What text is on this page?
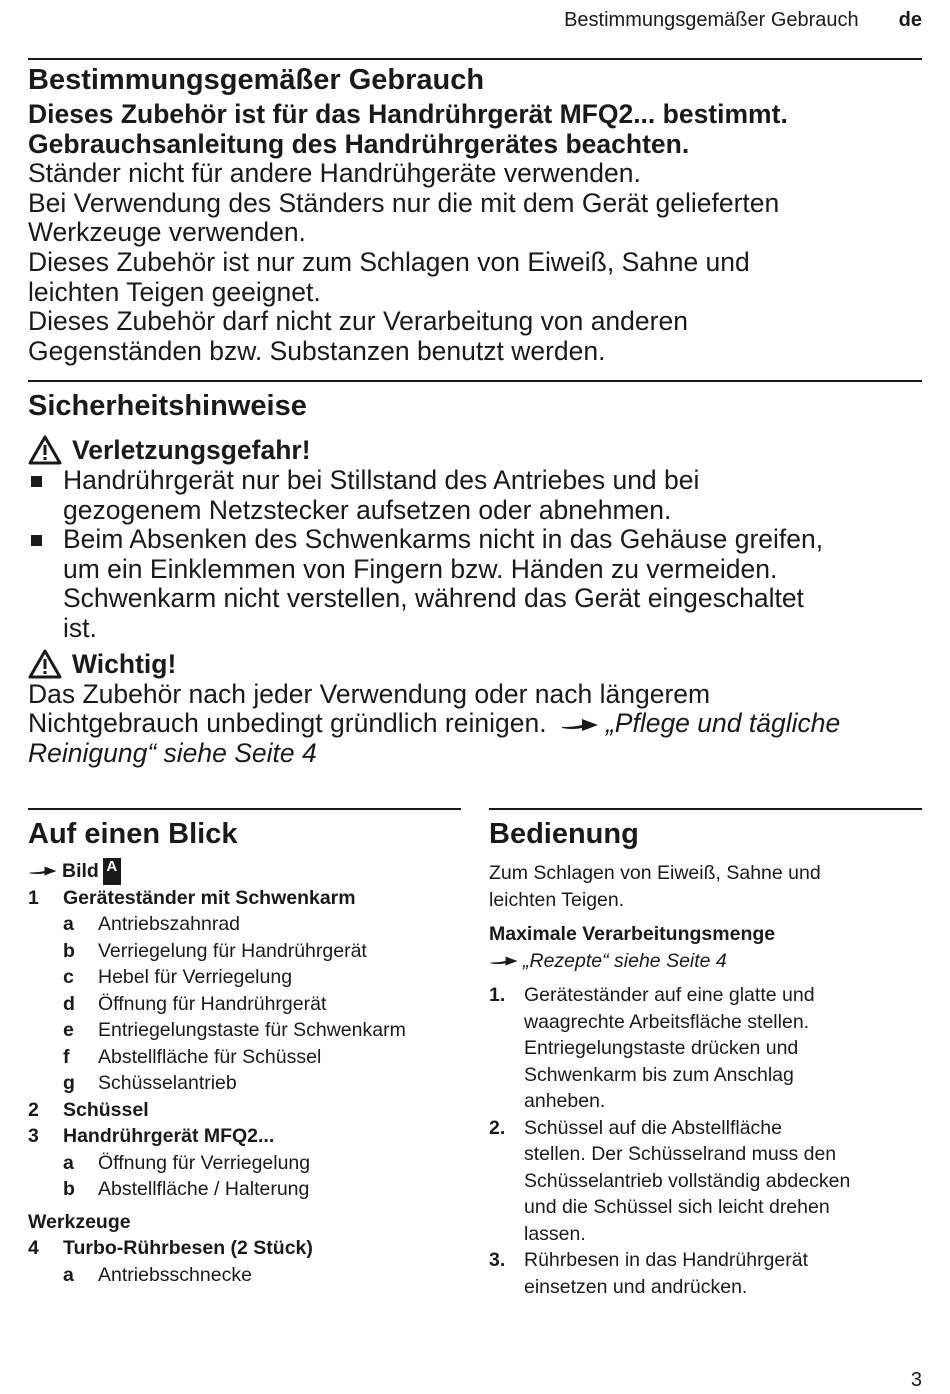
Bestimmungsgemäßer Gebrauch de
Bestimmungsgemäßer Gebrauch
Dieses Zubehör ist für das Handrührgerät MFQ2... bestimmt.
Gebrauchsanleitung des Handrührgerätes beachten.
Ständer nicht für andere Handrühgeräte verwenden.
Bei Verwendung des Ständers nur die mit dem Gerät gelieferten
Werkzeuge verwenden.
Dieses Zubehör ist nur zum Schlagen von Eiweiß, Sahne und
leichten Teigen geeignet.
Dieses Zubehör darf nicht zur Verarbeitung von anderen
Gegenständen bzw. Substanzen benutzt werden.
Sicherheitshinweise
Verletzungsgefahr!
Handrührgerät nur bei Stillstand des Antriebes und bei
gezogenem Netzstecker aufsetzen oder abnehmen.
Beim Absenken des Schwenkarms nicht in das Gehäuse greifen,
um ein Einklemmen von Fingern bzw. Händen zu vermeiden.
Schwenkarm nicht verstellen, während das Gerät eingeschaltet
ist.
Wichtig!
Das Zubehör nach jeder Verwendung oder nach längerem
Nichtgebrauch unbedingt gründlich reinigen. „Pflege und tägliche
Reinigung“ siehe Seite 4
Auf einen Blick
Bild A
1	Geräteständer mit Schwenkarm
a	Antriebszahnrad
b	Verriegelung für Handrührgerät
c	Hebel für Verriegelung
d	Öffnung für Handrührgerät
e	Entriegelungstaste für Schwenkarm
f	Abstellfläche für Schüssel
g	Schüsselantrieb
2	Schüssel
3	Handrührgerät MFQ2...
a	Öffnung für Verriegelung
b	Abstellfläche / Halterung
Werkzeuge
4	Turbo-Rührbesen (2 Stück)
a	Antriebsschnecke
Bedienung
Zum Schlagen von Eiweiß, Sahne und
leichten Teigen.
Maximale Verarbeitungsmenge
„Rezepte“ siehe Seite 4
1. Geräteständer auf eine glatte und
waagrechte Arbeitsfläche stellen.
Entriegelungstaste drücken und
Schwenkarm bis zum Anschlag
anheben.
2. Schüssel auf die Abstellfläche
stellen. Der Schüsselrand muss den
Schüsselantrieb vollständig abdecken
und die Schüssel sich leicht drehen
lassen.
3. Rührbesen in das Handrührgerät
einsetzen und andrücken.
3
